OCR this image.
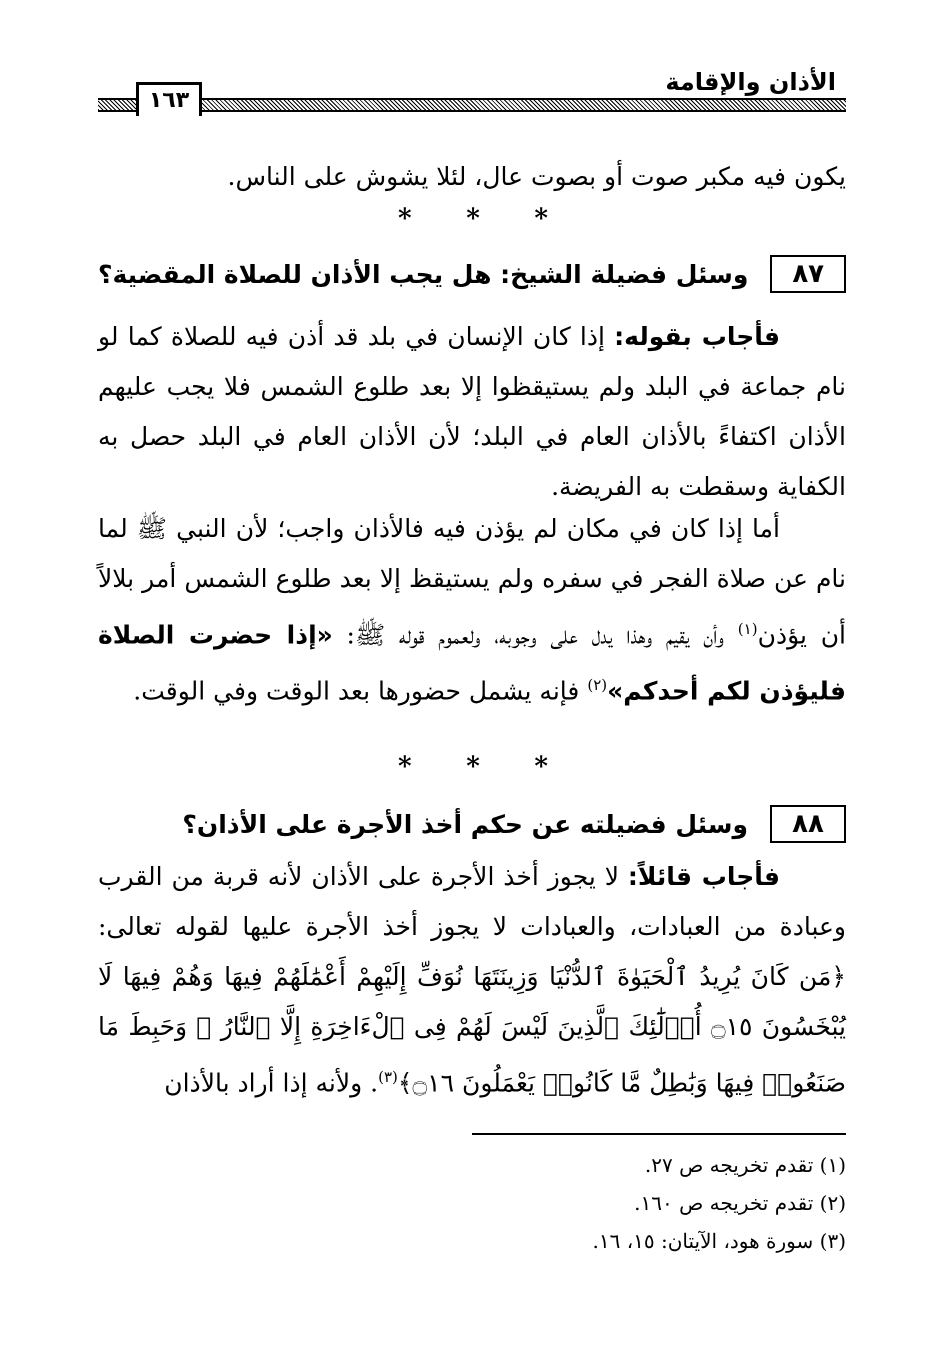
الأذان والإقامة
١٦٣
يكون فيه مكبر صوت أو بصوت عال، لئلا يشوش على الناس.
* * *
٨٧
وسئل فضيلة الشيخ: هل يجب الأذان للصلاة المقضية؟
فأجاب بقوله: إذا كان الإنسان في بلد قد أذن فيه للصلاة كما لو نام جماعة في البلد ولم يستيقظوا إلا بعد طلوع الشمس فلا يجب عليهم الأذان اكتفاءً بالأذان العام في البلد؛ لأن الأذان العام في البلد حصل به الكفاية وسقطت به الفريضة.
أما إذا كان في مكان لم يؤذن فيه فالأذان واجب؛ لأن النبي ﷺ لما نام عن صلاة الفجر في سفره ولم يستيقظ إلا بعد طلوع الشمس أمر بلالاً أن يؤذن$^{(١)}$ وأن يقيم وهذا يدل على وجوبه، ولعموم قوله ﷺ: «إذا حضرت الصلاة فليؤذن لكم أحدكم»$^{(٢)}$ فإنه يشمل حضورها بعد الوقت وفي الوقت.
* * *
٨٨
وسئل فضيلته عن حكم أخذ الأجرة على الأذان؟
فأجاب قائلاً: لا يجوز أخذ الأجرة على الأذان لأنه قربة من القرب وعبادة من العبادات، والعبادات لا يجوز أخذ الأجرة عليها لقوله تعالى: ﴿مَن كَانَ يُرِيدُ ٱلْحَيَوٰةَ ٱلدُّنْيَا وَزِينَتَهَا نُوَفِّ إِلَيْهِمْ أَعْمَٰلَهُمْ فِيهَا وَهُمْ فِيهَا لَا يُبْخَسُونَ ۝١٥ أُو۟لَٰٓئِكَ ٱلَّذِينَ لَيْسَ لَهُمْ فِى ٱلْءَاخِرَةِ إِلَّا ٱلنَّارُ ۖ وَحَبِطَ مَا صَنَعُوا۟ فِيهَا وَبَٰطِلٌ مَّا كَانُوا۟ يَعْمَلُونَ ۝١٦﴾$^{(٣)}$. ولأنه إذا أراد بالأذان
(١) تقدم تخريجه ص ٢٧.
(٢) تقدم تخريجه ص ١٦٠.
(٣) سورة هود، الآيتان: ١٥، ١٦.
